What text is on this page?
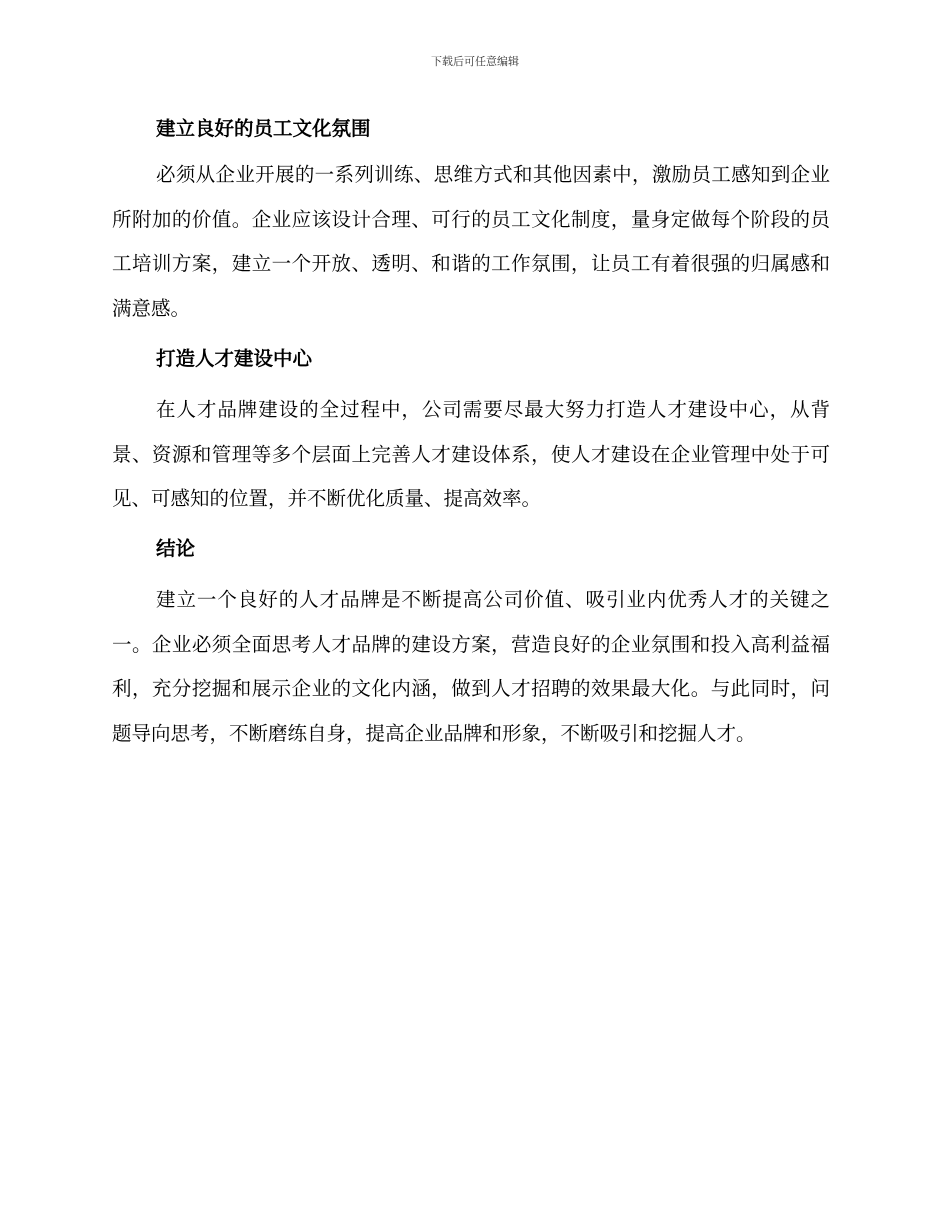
下载后可任意编辑
建立良好的员工文化氛围

必须从企业开展的一系列训练、思维方式和其他因素中，激励员工感知到企业所附加的价值。企业应该设计合理、可行的员工文化制度，量身定做每个阶段的员工培训方案，建立一个开放、透明、和谐的工作氛围，让员工有着很强的归属感和满意感。

打造人才建设中心

在人才品牌建设的全过程中，公司需要尽最大努力打造人才建设中心，从背景、资源和管理等多个层面上完善人才建设体系，使人才建设在企业管理中处于可见、可感知的位置，并不断优化质量、提高效率。

结论

建立一个良好的人才品牌是不断提高公司价值、吸引业内优秀人才的关键之一。企业必须全面思考人才品牌的建设方案，营造良好的企业氛围和投入高利益福利，充分挖掘和展示企业的文化内涵，做到人才招聘的效果最大化。与此同时，问题导向思考，不断磨练自身，提高企业品牌和形象，不断吸引和挖掘人才。
